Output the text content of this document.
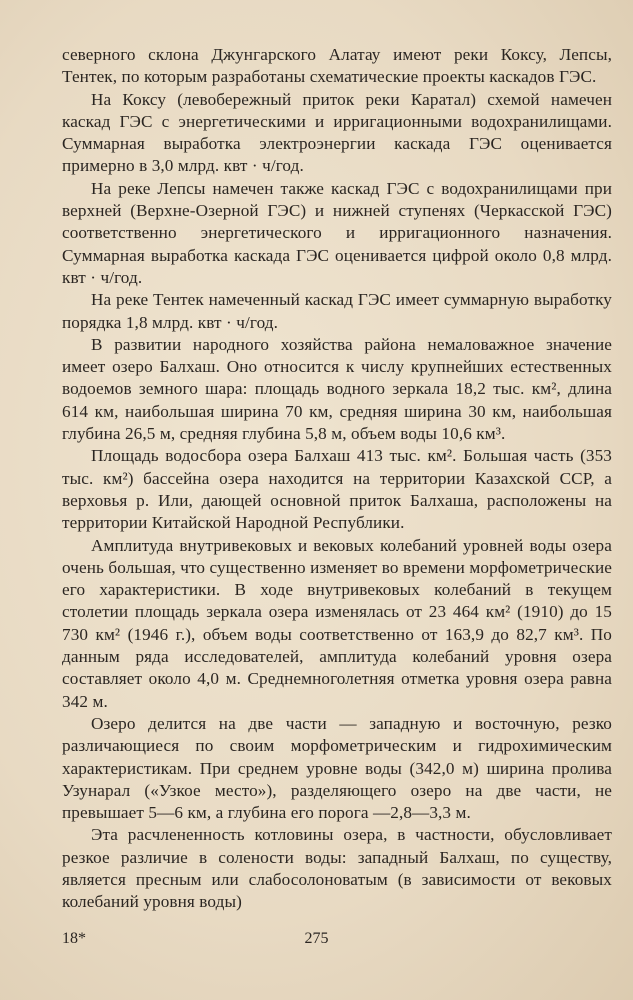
северного склона Джунгарского Алатау имеют реки Коксу, Лепсы, Тентек, по которым разработаны схематические проекты каскадов ГЭС.

На Коксу (левобережный приток реки Каратал) схемой намечен каскад ГЭС с энергетическими и ирригационными водохранилищами. Суммарная выработка электроэнергии каскада ГЭС оценивается примерно в 3,0 млрд. квт · ч/год.

На реке Лепсы намечен также каскад ГЭС с водохранилищами при верхней (Верхне-Озерной ГЭС) и нижней ступенях (Черкасской ГЭС) соответственно энергетического и ирригационного назначения. Суммарная выработка каскада ГЭС оценивается цифрой около 0,8 млрд. квт · ч/год.

На реке Тентек намеченный каскад ГЭС имеет суммарную выработку порядка 1,8 млрд. квт · ч/год.

В развитии народного хозяйства района немаловажное значение имеет озеро Балхаш. Оно относится к числу крупнейших естественных водоемов земного шара: площадь водного зеркала 18,2 тыс. км², длина 614 км, наибольшая ширина 70 км, средняя ширина 30 км, наибольшая глубина 26,5 м, средняя глубина 5,8 м, объем воды 10,6 км³.

Площадь водосбора озера Балхаш 413 тыс. км². Большая часть (353 тыс. км²) бассейна озера находится на территории Казахской ССР, а верховья р. Или, дающей основной приток Балхаша, расположены на территории Китайской Народной Республики.

Амплитуда внутривековых и вековых колебаний уровней воды озера очень большая, что существенно изменяет во времени морфометрические его характеристики. В ходе внутривековых колебаний в текущем столетии площадь зеркала озера изменялась от 23 464 км² (1910) до 15 730 км² (1946 г.), объем воды соответственно от 163,9 до 82,7 км³. По данным ряда исследователей, амплитуда колебаний уровня озера составляет около 4,0 м. Среднемноголетняя отметка уровня озера равна 342 м.

Озеро делится на две части — западную и восточную, резко различающиеся по своим морфометрическим и гидрохимическим характеристикам. При среднем уровне воды (342,0 м) ширина пролива Узунарал («Узкое место»), разделяющего озеро на две части, не превышает 5—6 км, а глубина его порога —2,8—3,3 м.

Эта расчлененность котловины озера, в частности, обусловливает резкое различие в солености воды: западный Балхаш, по существу, является пресным или слабосолоноватым (в зависимости от вековых колебаний уровня воды)

18*	275
